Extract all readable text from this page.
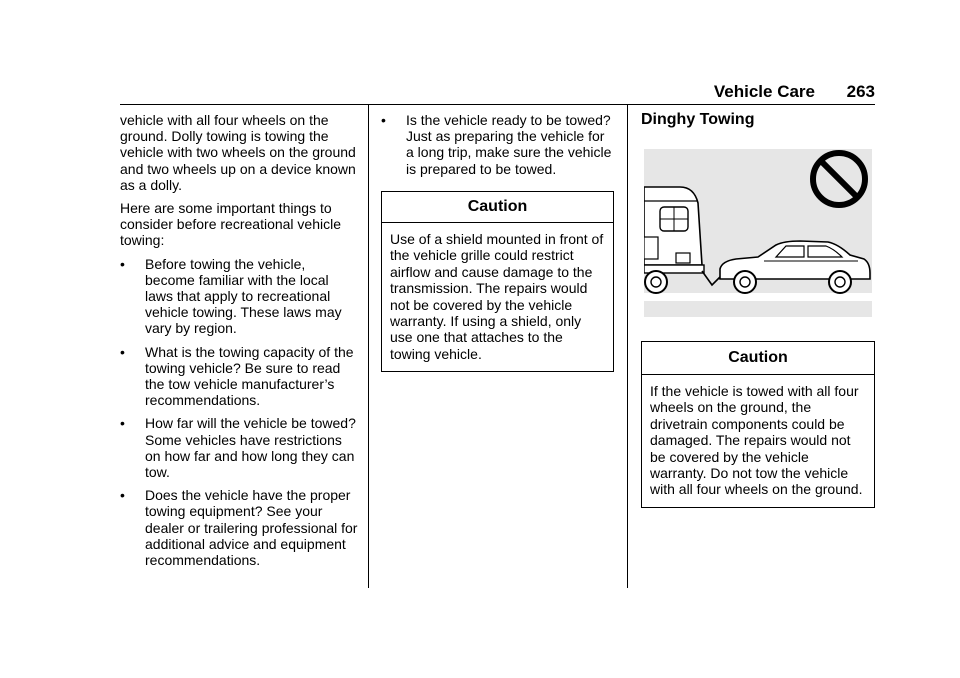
Vehicle Care 263

vehicle with all four wheels on the ground. Dolly towing is towing the vehicle with two wheels on the ground and two wheels up on a device known as a dolly.

Here are some important things to consider before recreational vehicle towing:

• Before towing the vehicle, become familiar with the local laws that apply to recreational vehicle towing. These laws may vary by region.
• What is the towing capacity of the towing vehicle? Be sure to read the tow vehicle manufacturer’s recommendations.
• How far will the vehicle be towed? Some vehicles have restrictions on how far and how long they can tow.
• Does the vehicle have the proper towing equipment? See your dealer or trailering professional for additional advice and equipment recommendations.
• Is the vehicle ready to be towed? Just as preparing the vehicle for a long trip, make sure the vehicle is prepared to be towed.
Caution
Use of a shield mounted in front of the vehicle grille could restrict airflow and cause damage to the transmission. The repairs would not be covered by the vehicle warranty. If using a shield, only use one that attaches to the towing vehicle.
Dinghy Towing
Caution
If the vehicle is towed with all four wheels on the ground, the drivetrain components could be damaged. The repairs would not be covered by the vehicle warranty. Do not tow the vehicle with all four wheels on the ground.
